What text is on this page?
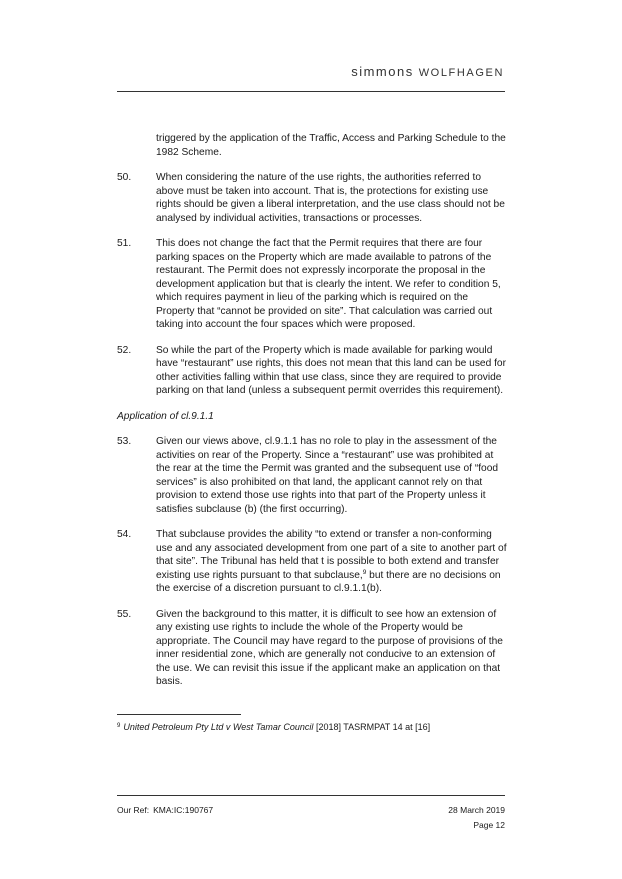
simmons WOLFHAGEN

triggered by the application of the Traffic, Access and Parking Schedule to the 1982 Scheme.

50.	When considering the nature of the use rights, the authorities referred to above must be taken into account. That is, the protections for existing use rights should be given a liberal interpretation, and the use class should not be analysed by individual activities, transactions or processes.
51.	This does not change the fact that the Permit requires that there are four parking spaces on the Property which are made available to patrons of the restaurant. The Permit does not expressly incorporate the proposal in the development application but that is clearly the intent. We refer to condition 5, which requires payment in lieu of the parking which is required on the Property that “cannot be provided on site”. That calculation was carried out taking into account the four spaces which were proposed.
52.	So while the part of the Property which is made available for parking would have “restaurant” use rights, this does not mean that this land can be used for other activities falling within that use class, since they are required to provide parking on that land (unless a subsequent permit overrides this requirement).

Application of cl.9.1.1

53.	Given our views above, cl.9.1.1 has no role to play in the assessment of the activities on rear of the Property. Since a “restaurant” use was prohibited at the rear at the time the Permit was granted and the subsequent use of “food services” is also prohibited on that land, the applicant cannot rely on that provision to extend those use rights into that part of the Property unless it satisfies subclause (b) (the first occurring).
54.	That subclause provides the ability “to extend or transfer a non-conforming use and any associated development from one part of a site to another part of that site”. The Tribunal has held that t is possible to both extend and transfer existing use rights pursuant to that subclause,$^9$ but there are no decisions on the exercise of a discretion pursuant to cl.9.1.1(b).
55.	Given the background to this matter, it is difficult to see how an extension of any existing use rights to include the whole of the Property would be appropriate. The Council may have regard to the purpose of provisions of the inner residential zone, which are generally not conducive to an extension of the use. We can revisit this issue if the applicant make an application on that basis.
$^9$ United Petroleum Pty Ltd v West Tamar Council [2018] TASRMPAT 14 at [16]
Our Ref: KMA:IC:190767	28 March 2019
Page 12
